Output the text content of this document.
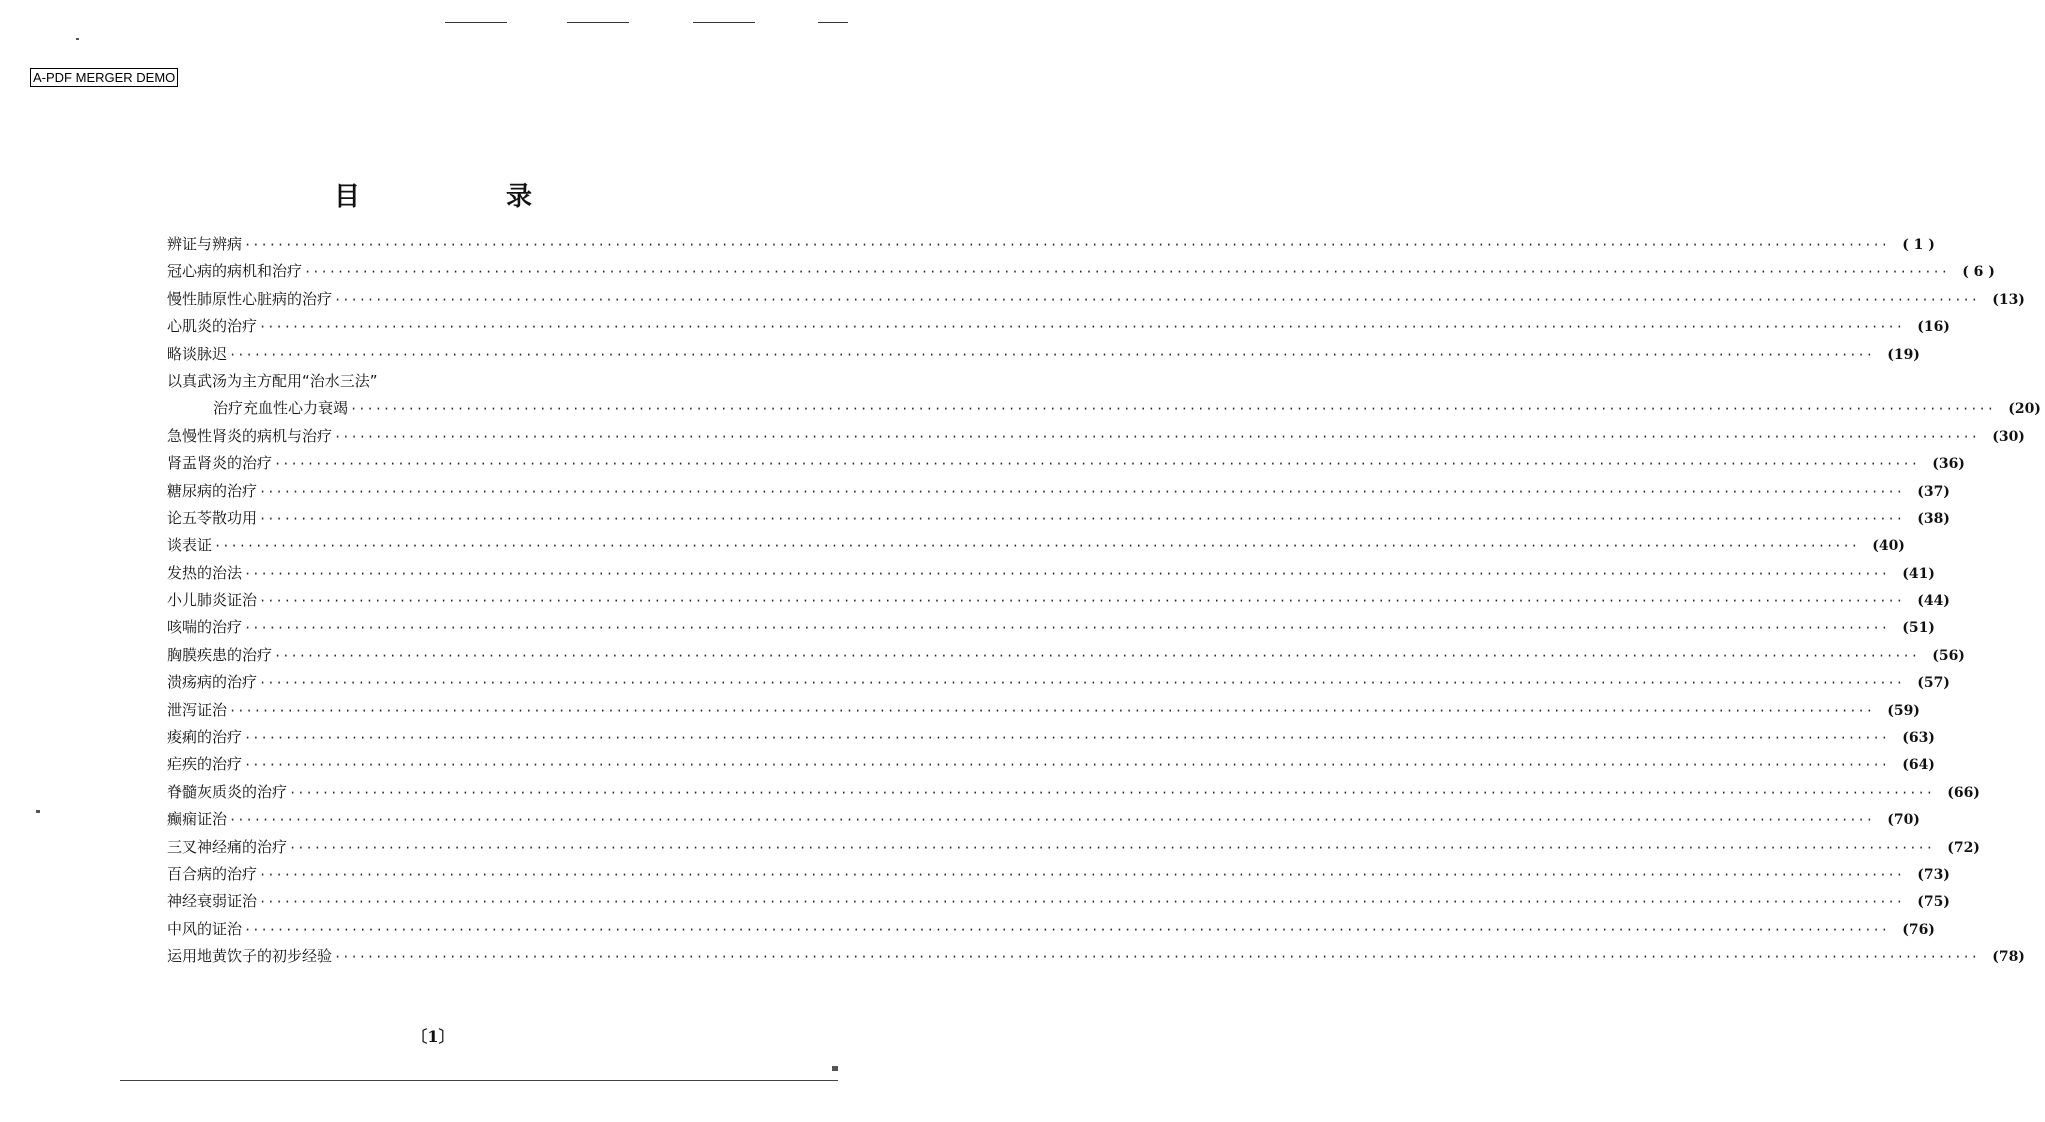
A-PDF MERGER DEMO
目　录
辨证与辨病 ········································································································································································································ ( 1 )
冠心病的病机和治疗 ········································································································································································································ ( 6 )
慢性肺原性心脏病的治疗 ········································································································································································································ (13)
心肌炎的治疗 ········································································································································································································ (16)
略谈脉迟 ········································································································································································································ (19)
以真武汤为主方配用“治水三法”
治疗充血性心力衰竭 ········································································································································································································ (20)
急慢性肾炎的病机与治疗 ········································································································································································································ (30)
肾盂肾炎的治疗 ········································································································································································································ (36)
糖尿病的治疗 ········································································································································································································ (37)
论五苓散功用 ········································································································································································································ (38)
谈表证 ········································································································································································································ (40)
发热的治法 ········································································································································································································ (41)
小儿肺炎证治 ········································································································································································································ (44)
咳喘的治疗 ········································································································································································································ (51)
胸膜疾患的治疗 ········································································································································································································ (56)
溃疡病的治疗 ········································································································································································································ (57)
泄泻证治 ········································································································································································································ (59)
痠痢的治疗 ········································································································································································································ (63)
疟疾的治疗 ········································································································································································································ (64)
脊髓灰质炎的治疗 ········································································································································································································ (66)
癫痫证治 ········································································································································································································ (70)
三叉神经痛的治疗 ········································································································································································································ (72)
百合病的治疗 ········································································································································································································ (73)
神经衰弱证治 ········································································································································································································ (75)
中风的证治 ········································································································································································································ (76)
运用地黄饮子的初步经验 ········································································································································································································ (78)
〔1〕
